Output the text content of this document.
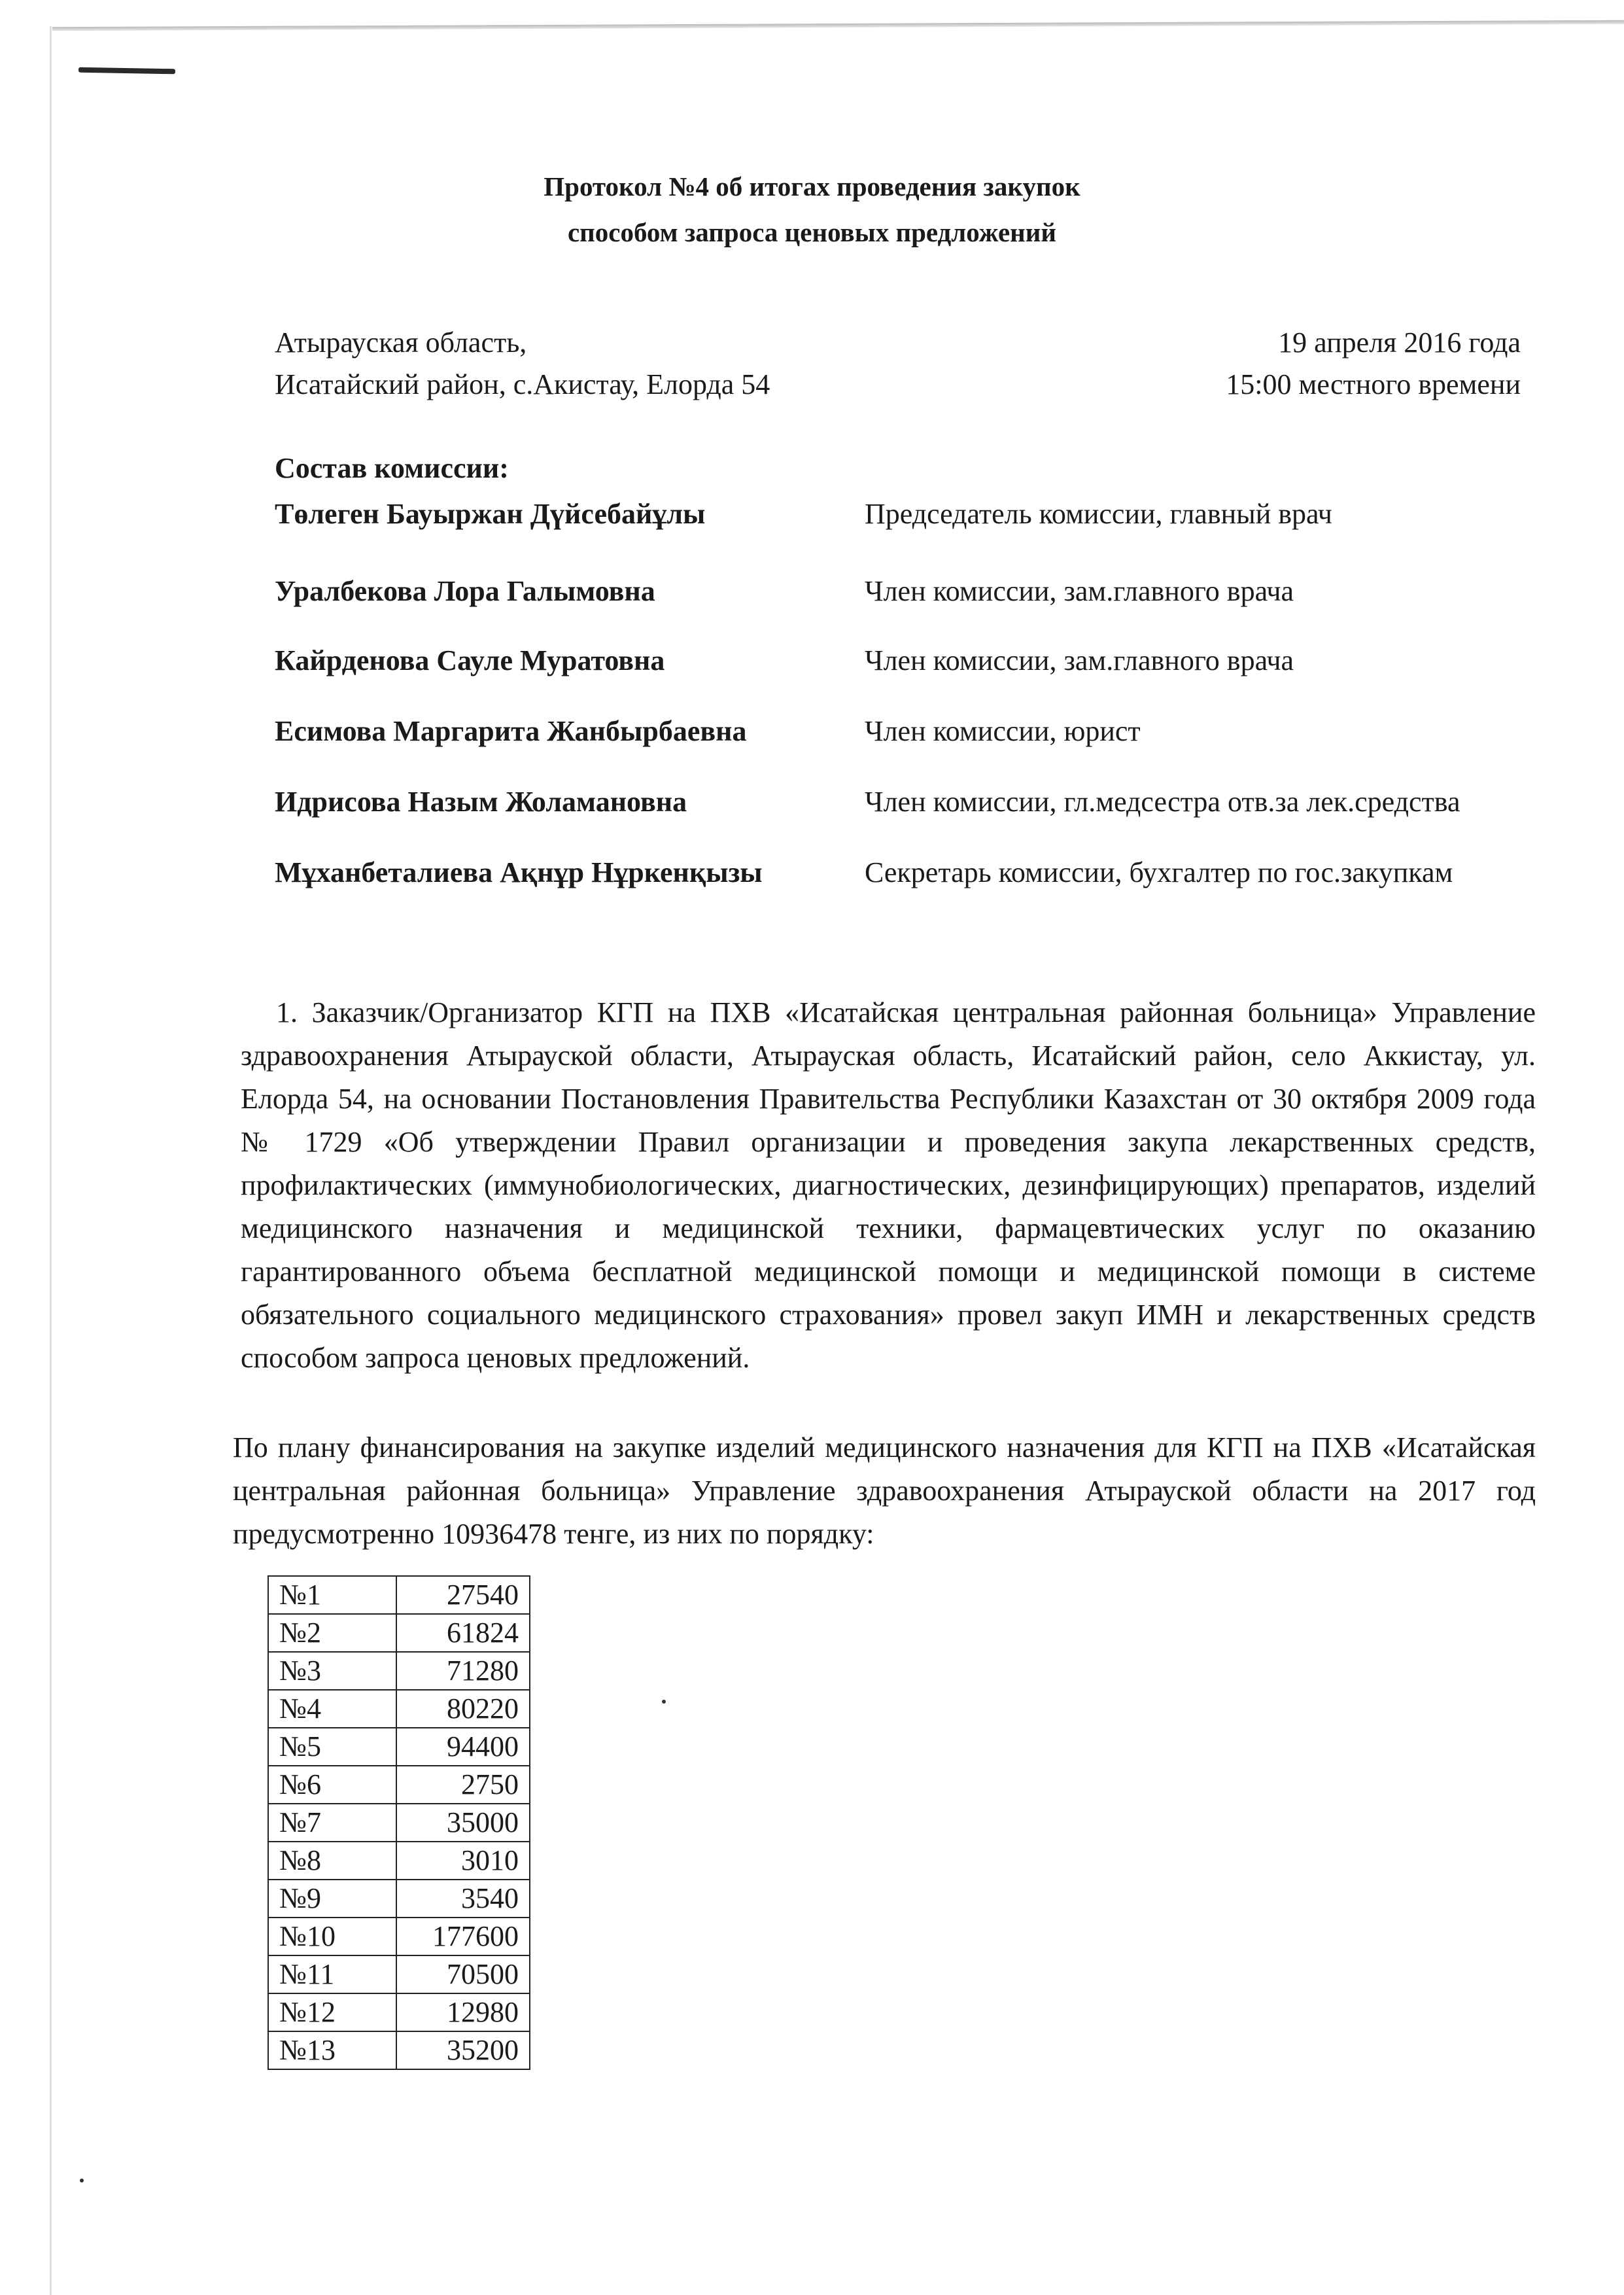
Протокол №4 об итогах проведения закупок
способом запроса ценовых предложений
Атырауская область,
Исатайский район, с.Акистау, Елорда 54
19 апреля 2016 года
15:00 местного времени
Состав комиссии:
Төлеген Бауыржан Дүйсебайұлы	Председатель комиссии, главный врач
Уралбекова Лора Галымовна	Член комиссии, зам.главного врача
Кайрденова Сауле Муратовна	Член комиссии, зам.главного врача
Есимова Маргарита Жанбырбаевна	Член комиссии, юрист
Идрисова Назым Жоламановна	Член комиссии, гл.медсестра отв.за лек.средства
Мұханбеталиева Ақнұр Нұркенқызы	Секретарь комиссии, бухгалтер по гос.закупкам
1. Заказчик/Организатор КГП на ПХВ «Исатайская центральная районная больница» Управление здравоохранения Атырауской области, Атырауская область, Исатайский район, село Аккистау, ул. Елорда 54, на основании Постановления Правительства Республики Казахстан от 30 октября 2009 года № 1729 «Об утверждении Правил организации и проведения закупа лекарственных средств, профилактических (иммунобиологических, диагностических, дезинфицирующих) препаратов, изделий медицинского назначения и медицинской техники, фармацевтических услуг по оказанию гарантированного объема бесплатной медицинской помощи и медицинской помощи в системе обязательного социального медицинского страхования» провел закуп ИМН и лекарственных средств способом запроса ценовых предложений.
По плану финансирования на закупке изделий медицинского назначения для КГП на ПХВ «Исатайская центральная районная больница» Управление здравоохранения Атырауской области на 2017 год предусмотренно 10936478 тенге, из них по порядку:
№1	27540
№2	61824
№3	71280
№4	80220
№5	94400
№6	2750
№7	35000
№8	3010
№9	3540
№10	177600
№11	70500
№12	12980
№13	35200
